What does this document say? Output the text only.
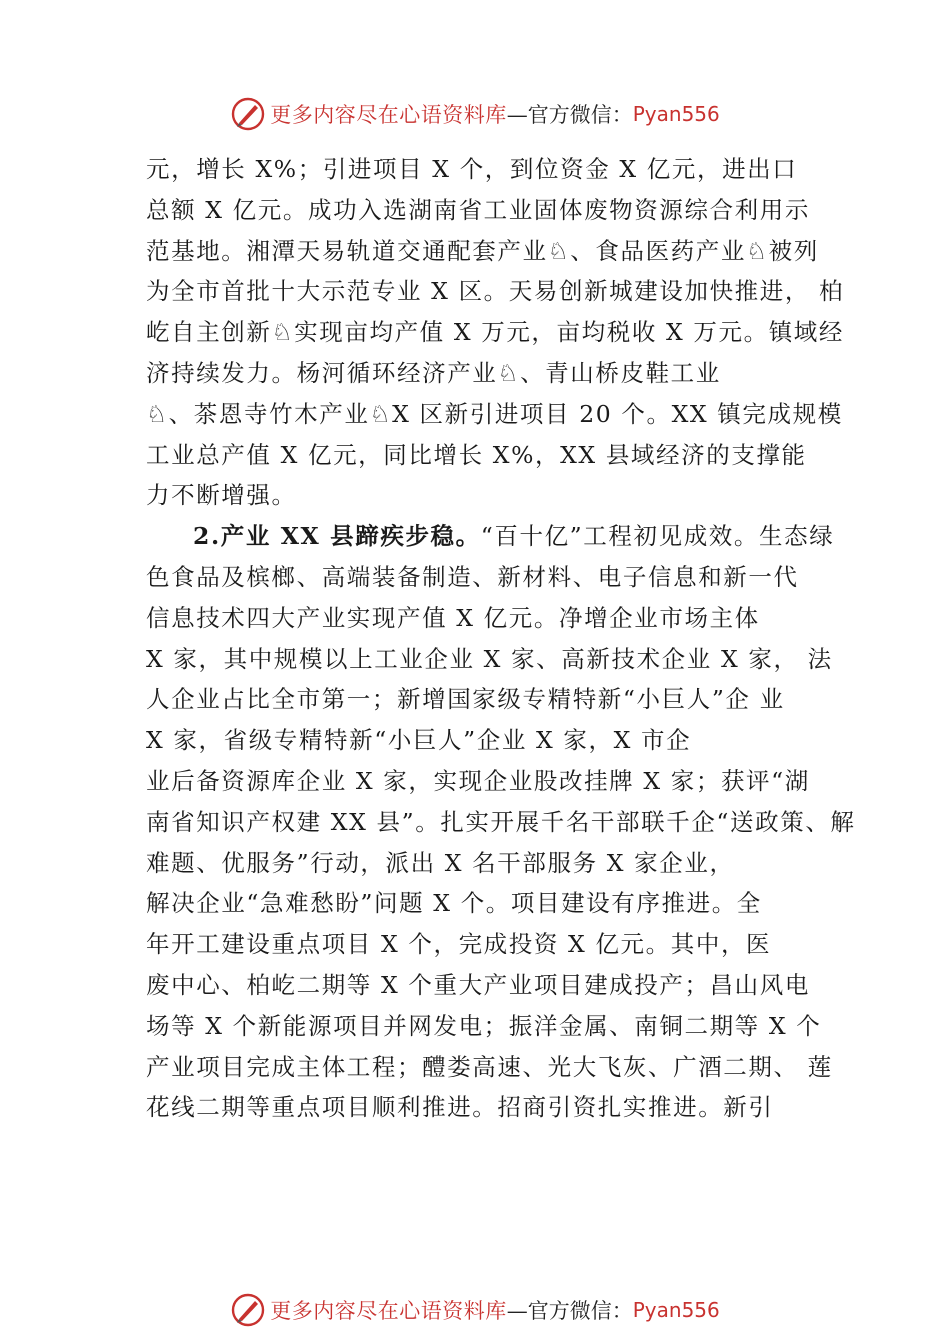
更多内容尽在心语资料库 —官方微信： Pyan556
元，增长 X%；引进项目 X 个，到位资金 X 亿元，进出口
总额 X 亿元。成功入选湖南省工业固体废物资源综合利用示
范基地。湘潭天易轨道交通配套产业♘、食品医药产业♘被列
为全市首批十大示范专业 X 区。天易创新城建设加快推进， 柏
屹自主创新♘实现亩均产值 X 万元，亩均税收 X 万元。镇域经
济持续发力。杨河循环经济产业♘、青山桥皮鞋工业
♘、茶恩寺竹木产业♘X 区新引进项目 20 个。XX 镇完成规模
工业总产值 X 亿元，同比增长 X%，XX 县域经济的支撑能
力不断增强。
2.产业 XX 县蹄疾步稳。“百十亿”工程初见成效。生态绿
色食品及槟榔、高端装备制造、新材料、电子信息和新一代
信息技术四大产业实现产值 X 亿元。净增企业市场主体
X 家，其中规模以上工业企业 X 家、高新技术企业 X 家， 法
人企业占比全市第一；新增国家级专精特新“小巨人”企 业
X 家，省级专精特新“小巨人”企业 X 家，X 市企
业后备资源库企业 X 家，实现企业股改挂牌 X 家；获评“湖
南省知识产权建 XX 县”。扎实开展千名干部联千企“送政策、解
难题、优服务”行动，派出 X 名干部服务 X 家企业，
解决企业“急难愁盼”问题 X 个。项目建设有序推进。全
年开工建设重点项目 X 个，完成投资 X 亿元。其中，医
废中心、柏屹二期等 X 个重大产业项目建成投产；昌山风电
场等 X 个新能源项目并网发电；振洋金属、南铜二期等 X 个
产业项目完成主体工程；醴娄高速、光大飞灰、广酒二期、 莲
花线二期等重点项目顺利推进。招商引资扎实推进。新引
更多内容尽在心语资料库 —官方微信： Pyan556
